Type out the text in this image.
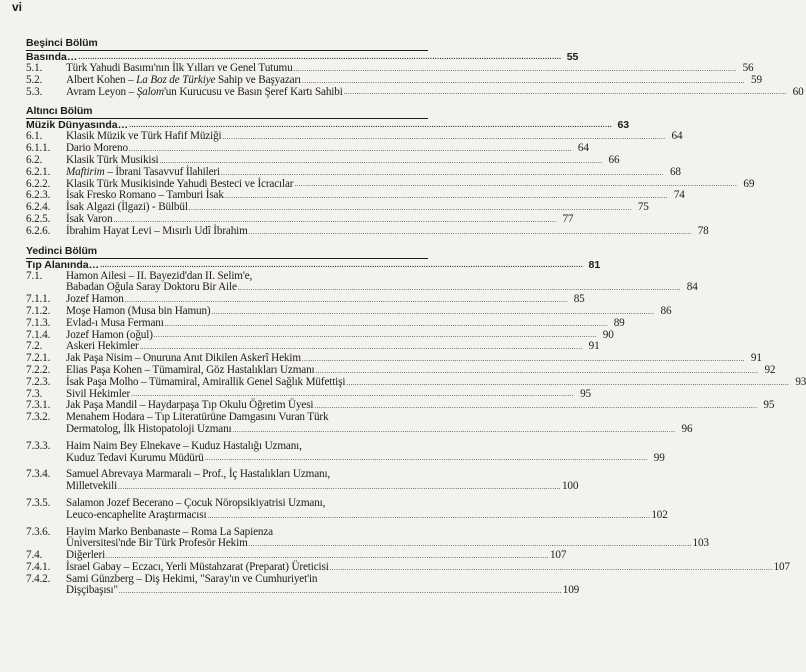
vi
Beşinci Bölüm
Basında… .....	55
5.1.	Türk Yahudi Basımı'nın İlk Yılları ve Genel Tutumu .....	56
5.2.	Albert Kohen – La Boz de Türkiye Sahip ve Başyazarı .....	59
5.3.	Avram Leyon – Şalom'un Kurucusu ve Basın Şeref Kartı Sahibi .....	60
Altıncı Bölüm
Müzik Dünyasında… .....	63
6.1.	Klasik Müzik ve Türk Hafif Müziği .....	64
6.1.1.	Dario Moreno .....	64
6.2.	Klasik Türk Musikisi .....	66
6.2.1.	Maftirim – İbrani Tasavvuf İlahileri .....	68
6.2.2.	Klasik Türk Musikisinde Yahudi Besteci ve İcracılar .....	69
6.2.3.	İsak Fresko Romano – Tamburi İsak .....	74
6.2.4.	İsak Algazi (İlgazi) - Bülbül .....	75
6.2.5.	İsak Varon .....	77
6.2.6.	İbrahim Hayat Levi – Mısırlı Udî İbrahim .....	78
Yedinci Bölüm
Tıp Alanında… .....	81
7.1.	Hamon Ailesi – II. Bayezid'dan II. Selim'e,
Babadan Oğula Saray Doktoru Bir Aile .....	84
7.1.1.	Jozef Hamon .....	85
7.1.2.	Moşe Hamon (Musa bin Hamun) .....	86
7.1.3.	Evlad-ı Musa Fermanı .....	89
7.1.4.	Jozef Hamon (oğul) .....	90
7.2.	Askeri Hekimler .....	91
7.2.1.	Jak Paşa Nisim – Onuruna Anıt Dikilen Askerî Hekim .....	91
7.2.2.	Elias Paşa Kohen – Tümamiral, Göz Hastalıkları Uzmanı .....	92
7.2.3.	İsak Paşa Molho – Tümamiral, Amirallik Genel Sağlık Müfettişi .....	93
7.3.	Sivil Hekimler .....	95
7.3.1.	Jak Paşa Mandil – Haydarpaşa Tıp Okulu Öğretim Üyesi .....	95
7.3.2.	Menahem Hodara – Tıp Literatürüne Damgasını Vuran Türk
Dermatolog, İlk Histopatoloji Uzmanı .....	96
7.3.3.	Haim Naim Bey Elnekave – Kuduz Hastalığı Uzmanı,
Kuduz Tedavi Kurumu Müdürü .....	99
7.3.4.	Samuel Abrevaya Marmaralı – Prof., İç Hastalıkları Uzmanı,
Milletvekili .....	100
7.3.5.	Salamon Jozef Becerano – Çocuk Nöropsikiyatrisi Uzmanı,
Leuco-encaphelite Araştırmacısı .....	102
7.3.6.	Hayim Marko Benbanaste – Roma La Sapienza
Üniversitesi'nde Bir Türk Profesör Hekim .....	103
7.4.	Diğerleri .....	107
7.4.1.	İsrael Gabay – Eczacı, Yerli Müstahzarat (Preparat) Üreticisi .....	107
7.4.2.	Sami Günzberg – Diş Hekimi, "Saray'ın ve Cumhuriyet'in
Dişçibaşısı" .....	109
